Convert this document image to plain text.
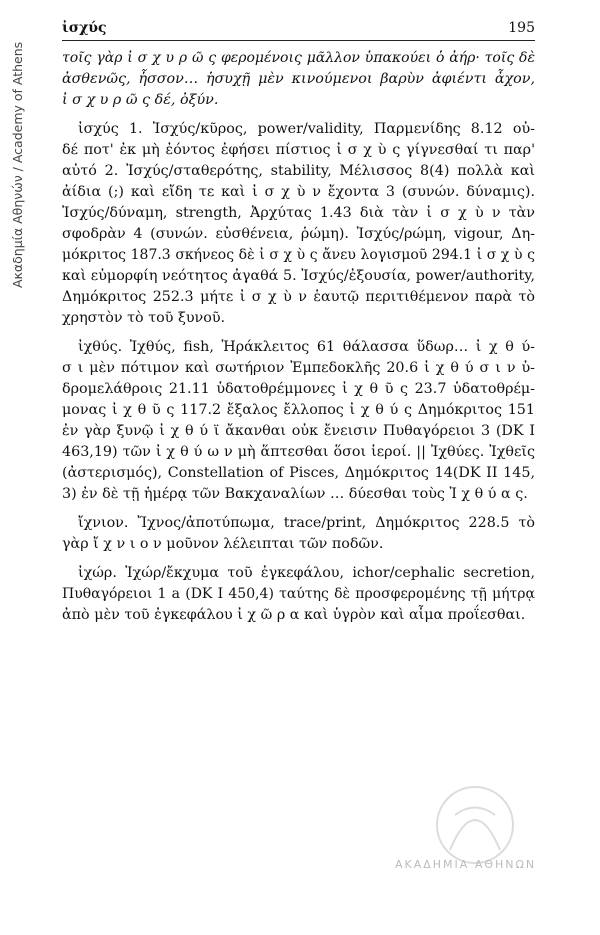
Ακαδημία Αθηνών / Academy of Athens
ἰσχύς	195
τοῖς γὰρ ἰ σ χ υ ρ ῶ ς φερομένοις μᾶλλον ὑπακούει ὁ ἀήρ· τοῖς δὲ
ἀσθενῶς, ἧσσον… ἡσυχῇ μὲν κινούμενοι βαρὺν ἀφιέντι ἆχον,
ἰ σ χ υ ρ ῶ ς δέ, ὀξύν.
ἰσχύς 1. Ἰσχύς/κῦρος, power/validity, Παρμενίδης 8.12 οὐ-
δέ ποτ' ἐκ μὴ ἐόντος ἐφήσει πίστιος ἰ σ χ ὺ ς γίγνεσθαί τι παρ'
αὐτό 2. Ἰσχύς/σταθερότης, stability, Μέλισσος 8(4) πολλὰ καὶ
ἀίδια (;) καὶ εἴδη τε καὶ ἰ σ χ ὺ ν ἔχοντα 3 (συνών. δύναμις).
Ἰσχύς/δύναμη, strength, Ἀρχύτας 1.43 διὰ τὰν ἰ σ χ ὺ ν τὰν
σφοδρὰν 4 (συνών. εὐσθένεια, ῥώμη). Ἰσχύς/ρώμη, vigour, Δη-
μόκριτος 187.3 σκήνεος δὲ ἰ σ χ ὺ ς ἄνευ λογισμοῦ 294.1 ἰ σ χ ὺ ς
καὶ εὐμορφίη νεότητος ἀγαθά 5. Ἰσχύς/ἐξουσία, power/authority,
Δημόκριτος 252.3 μήτε ἰ σ χ ὺ ν ἑαυτῷ περιτιθέμενον παρὰ τὸ
χρηστὸν τὸ τοῦ ξυνοῦ.
ἰχθύς. Ἰχθύς, fish, Ἡράκλειτος 61 θάλασσα ὕδωρ… ἰ χ θ ύ-
σ ι μὲν πότιμον καὶ σωτήριον Ἐμπεδοκλῆς 20.6 ἰ χ θ ύ σ ι ν ὑ-
δρομελάθροις 21.11 ὑδατοθρέμμονες ἰ χ θ ῦ ς 23.7 ὑδατοθρέμ-
μονας ἰ χ θ ῦ ς 117.2 ἔξαλος ἔλλοπος ἰ χ θ ύ ς Δημόκριτος 151
ἐν γὰρ ξυνῷ ἰ χ θ ύ ϊ ἄκανθαι οὐκ ἔνεισιν Πυθαγόρειοι 3 (DK I
463,19) τῶν ἰ χ θ ύ ω ν μὴ ἅπτεσθαι ὅσοι ἱεροί. || Ἰχθύες. Ἰχθεῖς
(ἀστερισμός), Constellation of Pisces, Δημόκριτος 14(DK II 145,
3) ἐν δὲ τῇ ἡμέρᾳ τῶν Βακχαναλίων … δύεσθαι τοὺς Ἰ χ θ ύ α ς.
ἴχνιον. Ἴχνος/ἀποτύπωμα, trace/print, Δημόκριτος 228.5 τὸ
γὰρ ἴ χ ν ι ο ν μοῦνον λέλειπται τῶν ποδῶν.
ἰχώρ. Ἰχώρ/ἔκχυμα τοῦ ἐγκεφάλου, ichor/cephalic secretion,
Πυθαγόρειοι 1 a (DK I 450,4) ταύτης δὲ προσφερομένης τῇ μήτρᾳ
ἀπὸ μὲν τοῦ ἐγκεφάλου ἰ χ ῶ ρ α καὶ ὑγρὸν καὶ αἷμα προΐεσθαι.
ΑΚΑΔΗΜΙΑ ΑΘΗΝΩΝ
